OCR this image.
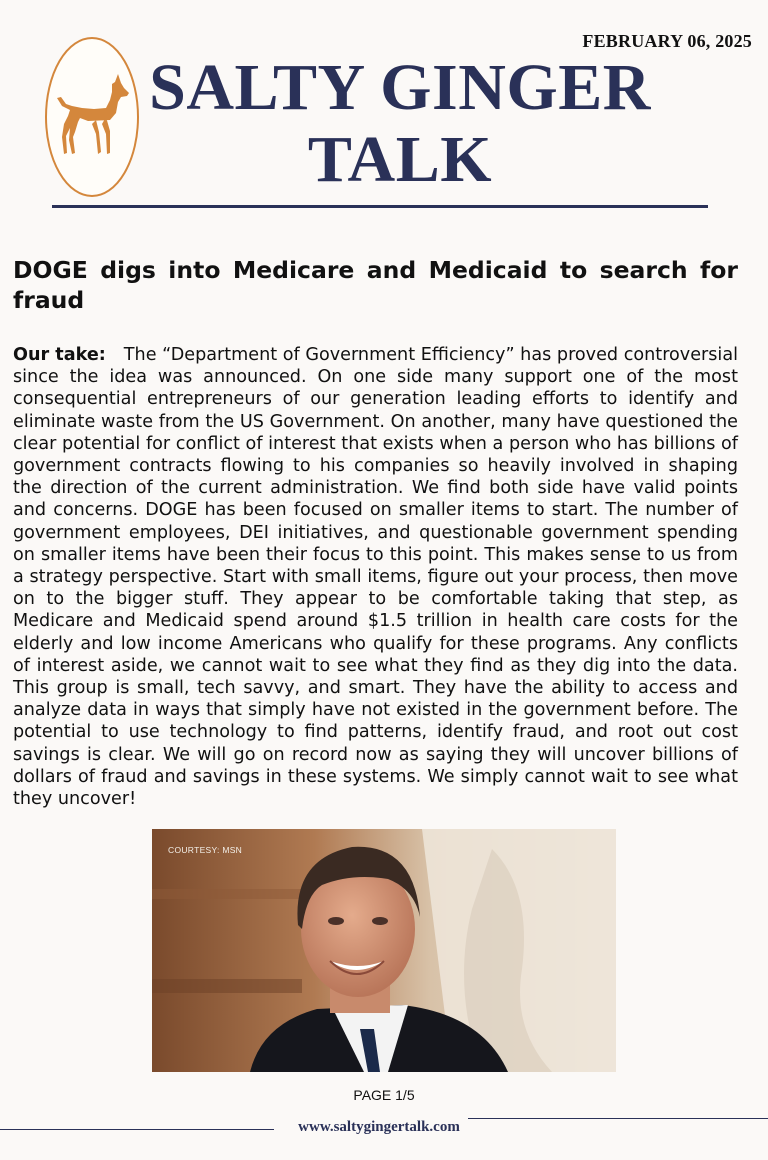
FEBRUARY 06, 2025
SALTY GINGER
TALK
DOGE digs into Medicare and Medicaid to search for fraud

Our take: The “Department of Government Efficiency” has proved controversial since the idea was announced. On one side many support one of the most consequential entrepreneurs of our generation leading efforts to identify and eliminate waste from the US Government. On another, many have questioned the clear potential for conflict of interest that exists when a person who has billions of government contracts flowing to his companies so heavily involved in shaping the direction of the current administration. We find both side have valid points and concerns. DOGE has been focused on smaller items to start. The number of government employees, DEI initiatives, and questionable government spending on smaller items have been their focus to this point. This makes sense to us from a strategy perspective. Start with small items, figure out your process, then move on to the bigger stuff. They appear to be comfortable taking that step, as Medicare and Medicaid spend around $1.5 trillion in health care costs for the elderly and low income Americans who qualify for these programs. Any conflicts of interest aside, we cannot wait to see what they find as they dig into the data. This group is small, tech savvy, and smart. They have the ability to access and analyze data in ways that simply have not existed in the government before. The potential to use technology to find patterns, identify fraud, and root out cost savings is clear. We will go on record now as saying they will uncover billions of dollars of fraud and savings in these systems. We simply cannot wait to see what they uncover!

COURTESY: MSN
PAGE 1/5
www.saltygingertalk.com
